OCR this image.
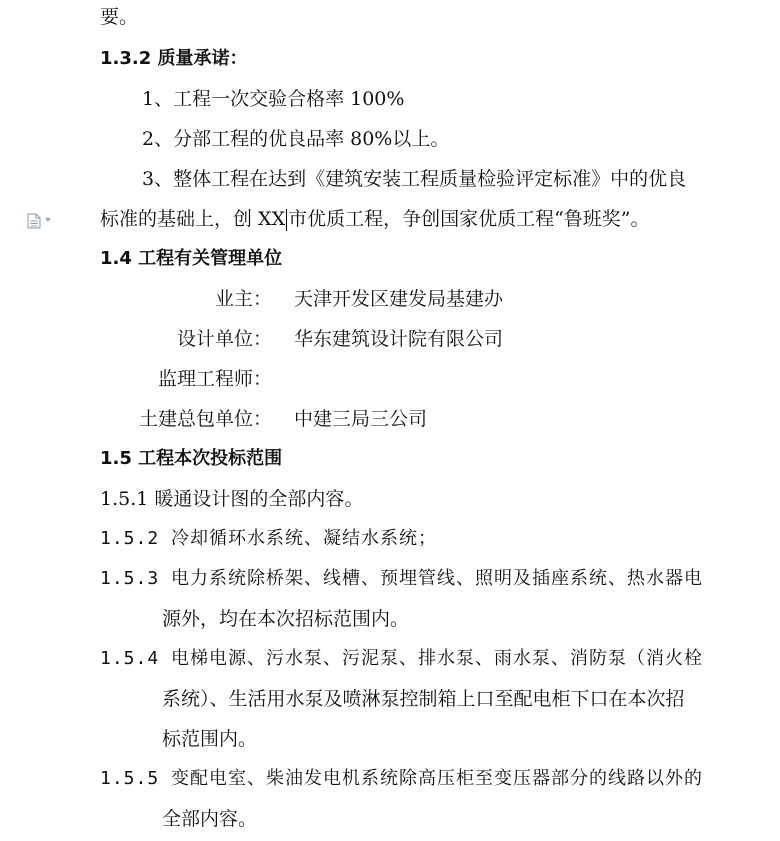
要。
1.3.2 质量承诺：
1、工程一次交验合格率 100%
2、分部工程的优良品率 80%以上。
3、整体工程在达到《建筑安装工程质量检验评定标准》中的优良
标准的基础上，创 XX 市优质工程，争创国家优质工程“鲁班奖”。
1.4 工程有关管理单位
业主： 天津开发区建发局基建办
设计单位： 华东建筑设计院有限公司
监理工程师：
土建总包单位： 中建三局三公司
1.5 工程本次投标范围
1.5.1 暖通设计图的全部内容。
1.5.2 冷却循环水系统、凝结水系统；
1.5.3 电力系统除桥架、线槽、预埋管线、照明及插座系统、热水器电
源外，均在本次招标范围内。
1.5.4 电梯电源、污水泵、污泥泵、排水泵、雨水泵、消防泵（消火栓
系统）、生活用水泵及喷淋泵控制箱上口至配电柜下口在本次招
标范围内。
1.5.5 变配电室、柴油发电机系统除高压柜至变压器部分的线路以外的
全部内容。
